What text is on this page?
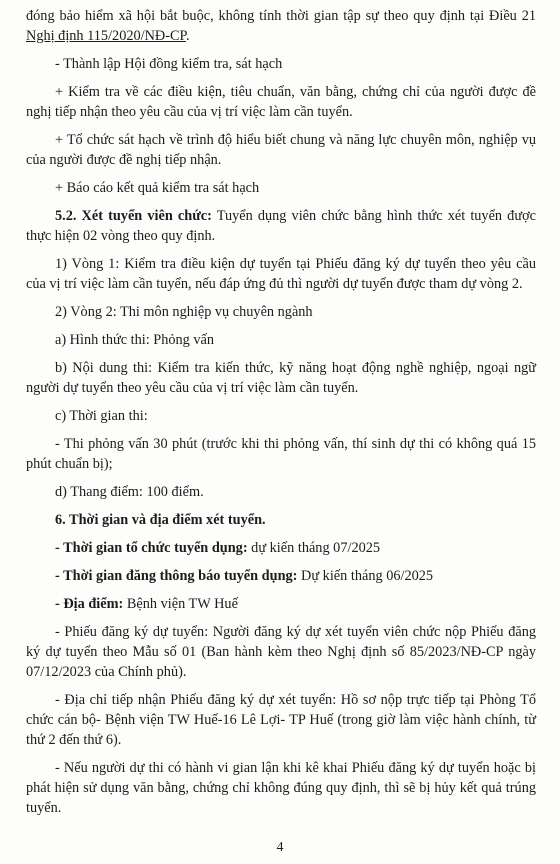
đóng bảo hiểm xã hội bắt buộc, không tính thời gian tập sự theo quy định tại Điều 21 Nghị định 115/2020/NĐ-CP.

- Thành lập Hội đồng kiểm tra, sát hạch

+ Kiểm tra về các điều kiện, tiêu chuẩn, văn bằng, chứng chỉ của người được đề nghị tiếp nhận theo yêu cầu của vị trí việc làm cần tuyển.

+ Tổ chức sát hạch về trình độ hiểu biết chung và năng lực chuyên môn, nghiệp vụ của người được đề nghị tiếp nhận.

+ Báo cáo kết quả kiểm tra sát hạch

5.2. Xét tuyển viên chức: Tuyển dụng viên chức bằng hình thức xét tuyển được thực hiện 02 vòng theo quy định.

1) Vòng 1: Kiểm tra điều kiện dự tuyển tại Phiếu đăng ký dự tuyển theo yêu cầu của vị trí việc làm cần tuyển, nếu đáp ứng đủ thì người dự tuyển được tham dự vòng 2.

2) Vòng 2: Thi môn nghiệp vụ chuyên ngành

a) Hình thức thi: Phỏng vấn

b) Nội dung thi: Kiểm tra kiến thức, kỹ năng hoạt động nghề nghiệp, ngoại ngữ người dự tuyển theo yêu cầu của vị trí việc làm cần tuyển.

c) Thời gian thi:

- Thi phỏng vấn 30 phút (trước khi thi phỏng vấn, thí sinh dự thi có không quá 15 phút chuẩn bị);

d) Thang điểm: 100 điểm.

6. Thời gian và địa điểm xét tuyển.

- Thời gian tổ chức tuyển dụng: dự kiến tháng 07/2025

- Thời gian đăng thông báo tuyển dụng: Dự kiến tháng 06/2025

- Địa điểm: Bệnh viện TW Huế

- Phiếu đăng ký dự tuyển: Người đăng ký dự xét tuyển viên chức nộp Phiếu đăng ký dự tuyển theo Mẫu số 01 (Ban hành kèm theo Nghị định số 85/2023/NĐ-CP ngày 07/12/2023 của Chính phủ).

- Địa chỉ tiếp nhận Phiếu đăng ký dự xét tuyển: Hồ sơ nộp trực tiếp tại Phòng Tổ chức cán bộ- Bệnh viện TW Huế-16 Lê Lợi- TP Huế (trong giờ làm việc hành chính, từ thứ 2 đến thứ 6).

- Nếu người dự thi có hành vi gian lận khi kê khai Phiếu đăng ký dự tuyển hoặc bị phát hiện sử dụng văn bằng, chứng chỉ không đúng quy định, thì sẽ bị hủy kết quả trúng tuyển.

4
